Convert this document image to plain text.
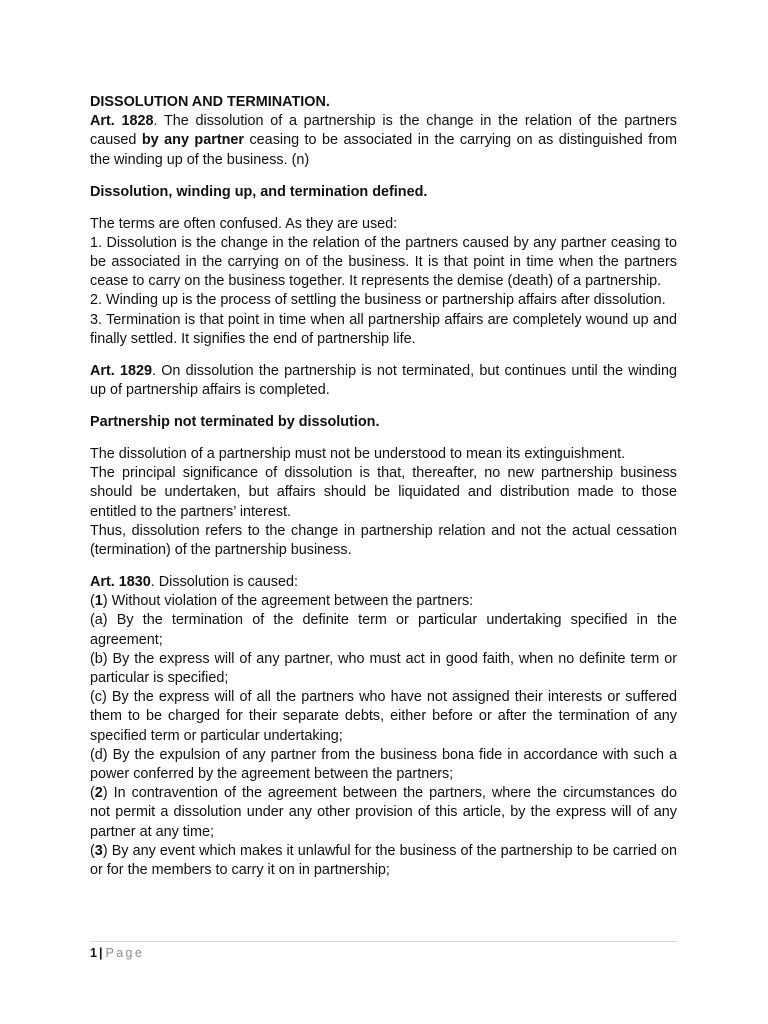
DISSOLUTION AND TERMINATION.

Art. 1828. The dissolution of a partnership is the change in the relation of the partners caused by any partner ceasing to be associated in the carrying on as distinguished from the winding up of the business. (n)

Dissolution, winding up, and termination defined.

The terms are often confused. As they are used:

1. Dissolution is the change in the relation of the partners caused by any partner ceasing to be associated in the carrying on of the business. It is that point in time when the partners cease to carry on the business together. It represents the demise (death) of a partnership.

2. Winding up is the process of settling the business or partnership affairs after dissolution.

3. Termination is that point in time when all partnership affairs are completely wound up and finally settled. It signifies the end of partnership life.

Art. 1829. On dissolution the partnership is not terminated, but continues until the winding up of partnership affairs is completed.

Partnership not terminated by dissolution.

The dissolution of a partnership must not be understood to mean its extinguishment.

The principal significance of dissolution is that, thereafter, no new partnership business should be undertaken, but affairs should be liquidated and distribution made to those entitled to the partners’ interest.

Thus, dissolution refers to the change in partnership relation and not the actual cessation (termination) of the partnership business.

Art. 1830. Dissolution is caused:

(1) Without violation of the agreement between the partners:

(a) By the termination of the definite term or particular undertaking specified in the agreement;

(b) By the express will of any partner, who must act in good faith, when no definite term or particular is specified;

(c) By the express will of all the partners who have not assigned their interests or suffered them to be charged for their separate debts, either before or after the termination of any specified term or particular undertaking;

(d) By the expulsion of any partner from the business bona fide in accordance with such a power conferred by the agreement between the partners;

(2) In contravention of the agreement between the partners, where the circumstances do not permit a dissolution under any other provision of this article, by the express will of any partner at any time;

(3) By any event which makes it unlawful for the business of the partnership to be carried on or for the members to carry it on in partnership;

1 | Page
